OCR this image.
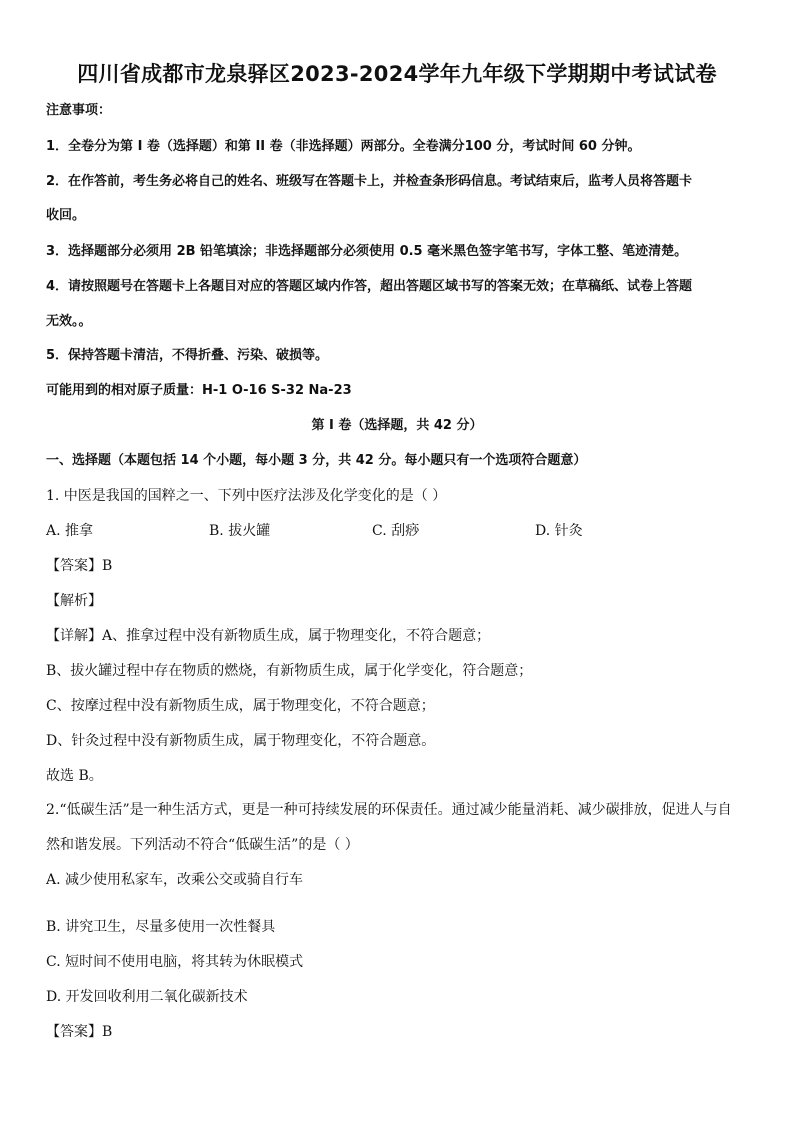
四川省成都市龙泉驿区2023-2024学年九年级下学期期中考试试卷
注意事项：
1．全卷分为第 I 卷（选择题）和第 II 卷（非选择题）两部分。全卷满分100 分，考试时间 60 分钟。
2．在作答前，考生务必将自己的姓名、班级写在答题卡上，并检查条形码信息。考试结束后，监考人员将答题卡
收回。
3．选择题部分必须用 2B 铅笔填涂；非选择题部分必须使用 0.5 毫米黑色签字笔书写，字体工整、笔迹清楚。
4．请按照题号在答题卡上各题目对应的答题区域内作答，超出答题区域书写的答案无效；在草稿纸、试卷上答题
无效。。
5．保持答题卡清洁，不得折叠、污染、破损等。
可能用到的相对原子质量：H-1 O-16 S-32 Na-23
第 I 卷（选择题，共 42 分）
一、选择题（本题包括 14 个小题，每小题 3 分，共 42 分。每小题只有一个选项符合题意）
1. 中医是我国的国粹之一、下列中医疗法涉及化学变化的是（ ）
A. 推拿	B. 拔火罐	C. 刮痧	D. 针灸
【答案】B
【解析】
【详解】A、推拿过程中没有新物质生成，属于物理变化，不符合题意；
B、拔火罐过程中存在物质的燃烧，有新物质生成，属于化学变化，符合题意；
C、按摩过程中没有新物质生成，属于物理变化，不符合题意；
D、针灸过程中没有新物质生成，属于物理变化，不符合题意。
故选 B。
2.“低碳生活”是一种生活方式，更是一种可持续发展的环保责任。通过减少能量消耗、减少碳排放，促进人与自
然和谐发展。下列活动不符合“低碳生活”的是（ ）
A. 减少使用私家车，改乘公交或骑自行车
B. 讲究卫生，尽量多使用一次性餐具
C. 短时间不使用电脑，将其转为休眠模式
D. 开发回收利用二氧化碳新技术
【答案】B
